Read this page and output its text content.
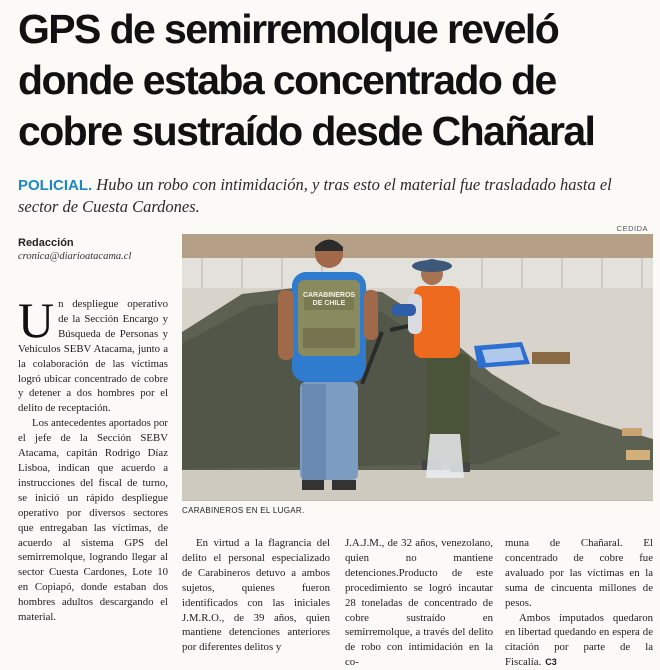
GPS de semirremolque reveló
donde estaba concentrado de
cobre sustraído desde Chañaral
POLICIAL. Hubo un robo con intimidación, y tras esto el material fue trasladado hasta el sector de Cuesta Cardones.
Redacción
cronica@diarioatacama.cl
CEDIDA
CARABINEROS
DE CHILE
CARABINEROS EN EL LUGAR.

Un despliegue operativo de la Sección Encargo y Búsqueda de Personas y Vehículos SEBV Atacama, junto a la colaboración de las víctimas logró ubicar concentrado de cobre y detener a dos hombres por el delito de receptación.

Los antecedentes aportados por el jefe de la Sección SEBV Atacama, capitán Rodrigo Díaz Lisboa, indican que acuerdo a instrucciones del fiscal de turno, se inició un rápido despliegue operativo por diversos sectores que entregaban las víctimas, de acuerdo al sistema GPS del semirremolque, logrando llegar al sector Cuesta Cardones, Lote 10 en Copiapó, donde estaban dos hombres adultos descargando el material.

En virtud a la flagrancia del delito el personal especializado de Carabineros detuvo a ambos sujetos, quienes fueron identificados con las iniciales J.M.R.O., de 39 años, quien mantiene detenciones anteriores por diferentes delitos y

J.A.J.M., de 32 años, venezolano, quien no mantiene detenciones.Producto de este procedimiento se logró incautar 28 toneladas de concentrado de cobre sustraído en semirremolque, a través del delito de robo con intimidación en la co-

muna de Chañaral. El concentrado de cobre fue avaluado por las víctimas en la suma de cincuenta millones de pesos.

Ambos imputados quedaron en libertad quedando en espera de citación por parte de la Fiscalía. C3
